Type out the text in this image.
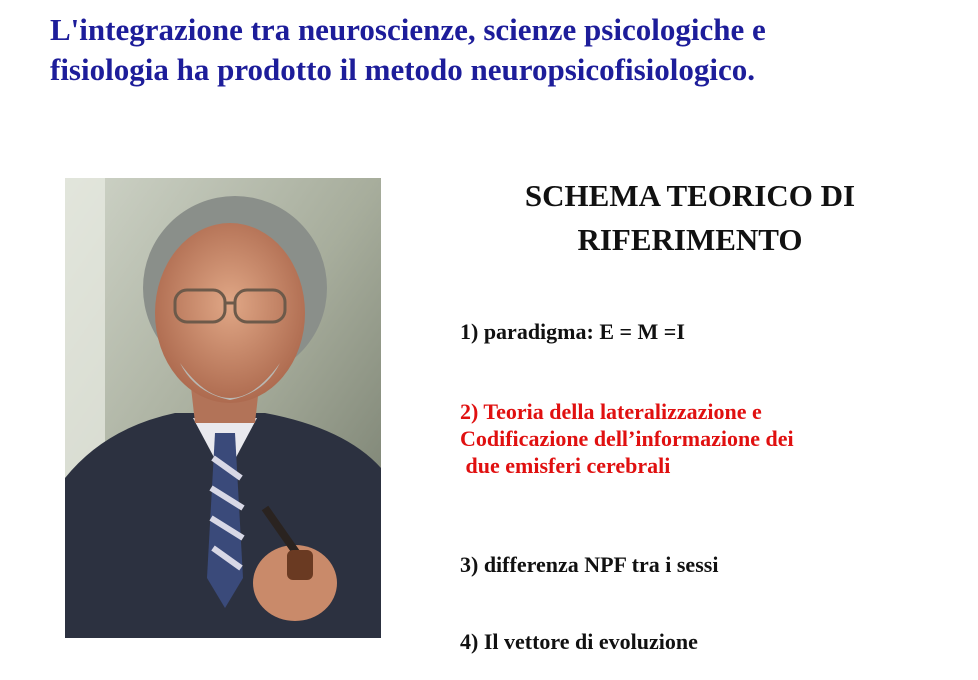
L'integrazione tra neuroscienze, scienze psicologiche e
fisiologia ha prodotto il metodo neuropsicofisiologico.
SCHEMA TEORICO DI
RIFERIMENTO
1) paradigma: E = M =I
2) Teoria della lateralizzazione e
Codificazione dell’informazione dei
due emisferi cerebrali
3) differenza NPF tra i sessi
4) Il vettore di evoluzione
